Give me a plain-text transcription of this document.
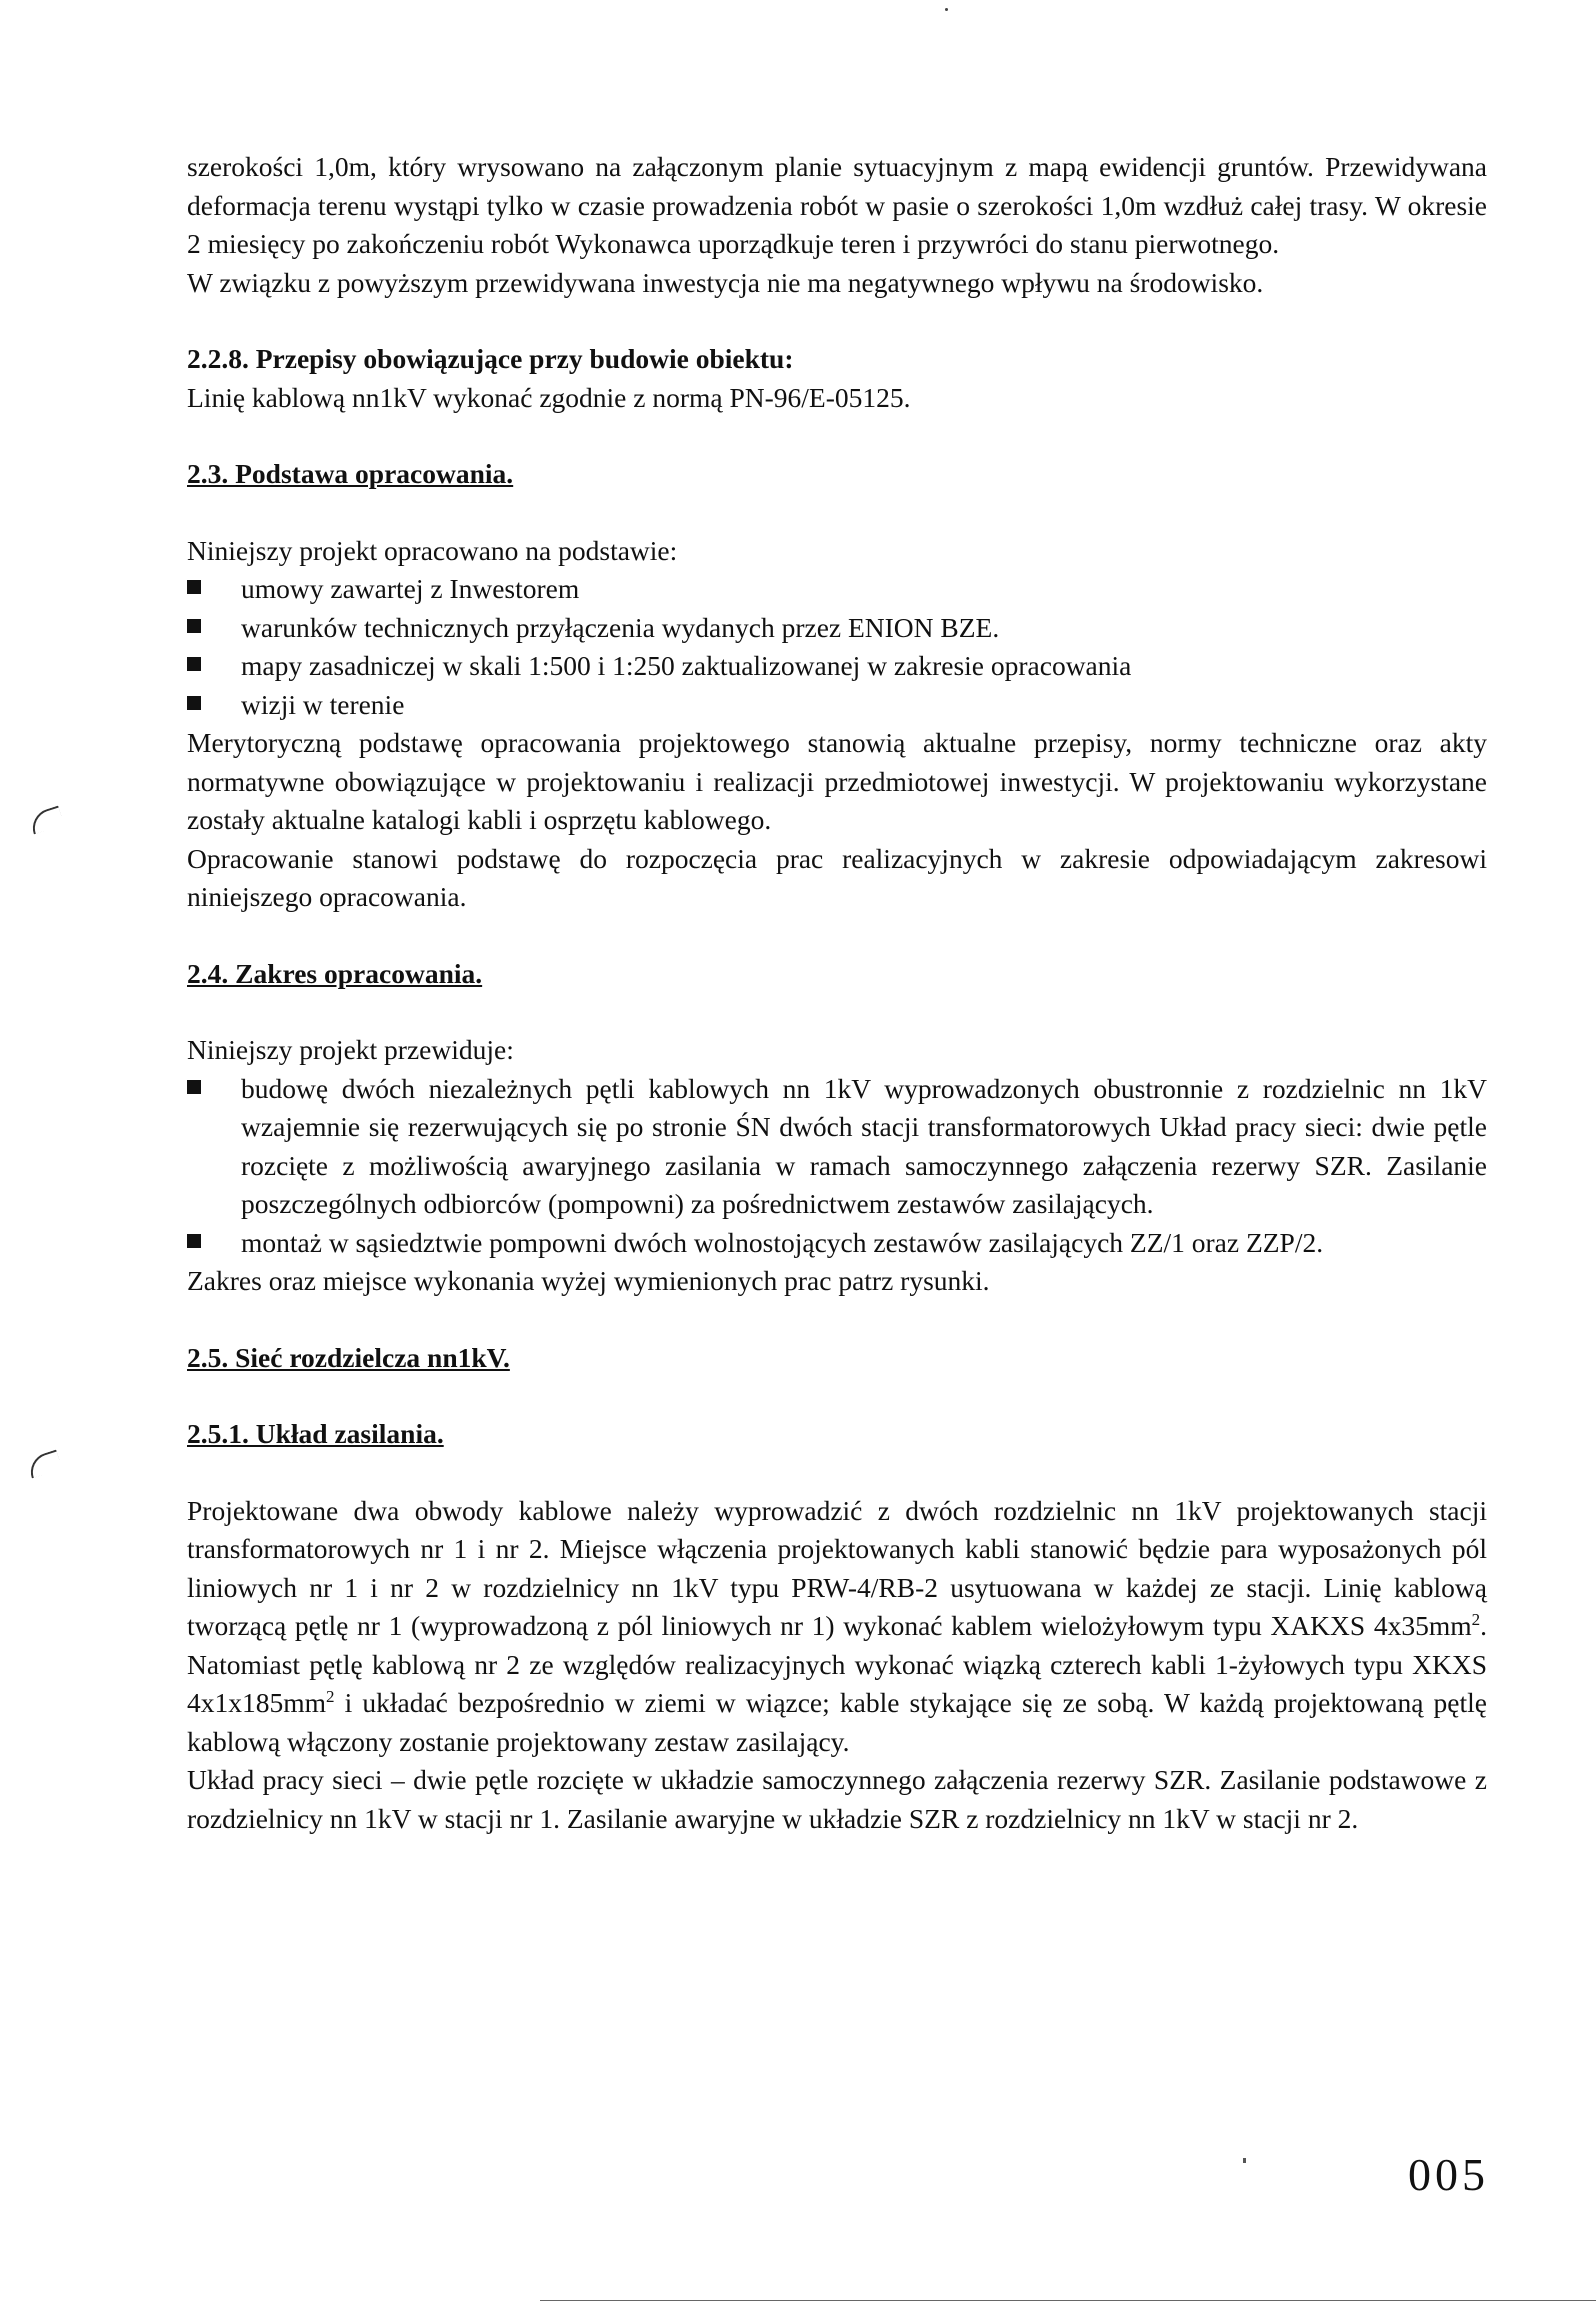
szerokości 1,0m, który wrysowano na załączonym planie sytuacyjnym z mapą ewidencji gruntów. Przewidywana deformacja terenu wystąpi tylko w czasie prowadzenia robót w pasie o szerokości 1,0m wzdłuż całej trasy. W okresie 2 miesięcy po zakończeniu robót Wykonawca uporządkuje teren i przywróci do stanu pierwotnego.

W związku z powyższym przewidywana inwestycja nie ma negatywnego wpływu na środowisko.

2.2.8. Przepisy obowiązujące przy budowie obiektu:

Linię kablową nn1kV wykonać zgodnie z normą PN-96/E-05125.

2.3. Podstawa opracowania.

Niniejszy projekt opracowano na podstawie:

umowy zawartej z Inwestorem
warunków technicznych przyłączenia wydanych przez ENION BZE.
mapy zasadniczej w skali 1:500 i 1:250 zaktualizowanej w zakresie opracowania
wizji w terenie

Merytoryczną podstawę opracowania projektowego stanowią aktualne przepisy, normy techniczne oraz akty normatywne obowiązujące w projektowaniu i realizacji przedmiotowej inwestycji. W projektowaniu wykorzystane zostały aktualne katalogi kabli i osprzętu kablowego.

Opracowanie stanowi podstawę do rozpoczęcia prac realizacyjnych w zakresie odpowiadającym zakresowi niniejszego opracowania.

2.4. Zakres opracowania.

Niniejszy projekt przewiduje:

budowę dwóch niezależnych pętli kablowych nn 1kV wyprowadzonych obustronnie z rozdzielnic nn 1kV wzajemnie się rezerwujących się po stronie ŚN dwóch stacji transformatorowych Układ pracy sieci: dwie pętle rozcięte z możliwością awaryjnego zasilania w ramach samoczynnego załączenia rezerwy SZR. Zasilanie poszczególnych odbiorców (pompowni) za pośrednictwem zestawów zasilających.
montaż w sąsiedztwie pompowni dwóch wolnostojących zestawów zasilających ZZ/1 oraz ZZP/2.

Zakres oraz miejsce wykonania wyżej wymienionych prac patrz rysunki.

2.5. Sieć rozdzielcza nn1kV.

2.5.1. Układ zasilania.

Projektowane dwa obwody kablowe należy wyprowadzić z dwóch rozdzielnic nn 1kV projektowanych stacji transformatorowych nr 1 i nr 2. Miejsce włączenia projektowanych kabli stanowić będzie para wyposażonych pól liniowych nr 1 i nr 2 w rozdzielnicy nn 1kV typu PRW-4/RB-2 usytuowana w każdej ze stacji. Linię kablową tworzącą pętlę nr 1 (wyprowadzoną z pól liniowych nr 1) wykonać kablem wielożyłowym typu XAKXS $4x35mm^2$. Natomiast pętlę kablową nr 2 ze względów realizacyjnych wykonać wiązką czterech kabli 1-żyłowych typu XKXS $4x1x185mm^2$ i układać bezpośrednio w ziemi w wiązce; kable stykające się ze sobą. W każdą projektowaną pętlę kablową włączony zostanie projektowany zestaw zasilający.

Układ pracy sieci – dwie pętle rozcięte w układzie samoczynnego załączenia rezerwy SZR. Zasilanie podstawowe z rozdzielnicy nn 1kV w stacji nr 1. Zasilanie awaryjne w układzie SZR z rozdzielnicy nn 1kV w stacji nr 2.

005
